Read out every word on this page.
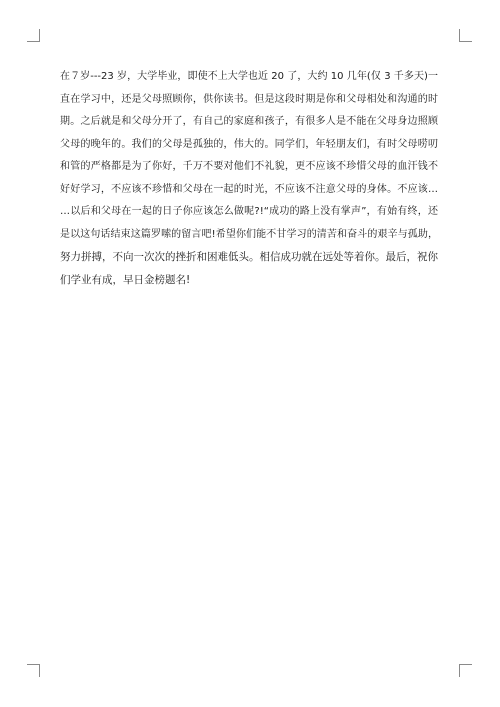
在７岁---23 岁，大学毕业，即使不上大学也近 20 了，大约 10 几年(仅 3 千多天)一
直在学习中，还是父母照顾你，供你读书。但是这段时期是你和父母相处和沟通的时
期。之后就是和父母分开了，有自己的家庭和孩子，有很多人是不能在父母身边照顾
父母的晚年的。我们的父母是孤独的，伟大的。同学们，年轻朋友们，有时父母唠叨
和管的严格都是为了你好，千万不要对他们不礼貌，更不应该不珍惜父母的血汗钱不
好好学习，不应该不珍惜和父母在一起的时光，不应该不注意父母的身体。不应该…
…以后和父母在一起的日子你应该怎么做呢?!“成功的路上没有掌声”，有始有终，还
是以这句话结束这篇罗嗦的留言吧!希望你们能不甘学习的清苦和奋斗的艰辛与孤助，
努力拼搏，不向一次次的挫折和困难低头。相信成功就在远处等着你。最后，祝你
们学业有成，早日金榜题名!
